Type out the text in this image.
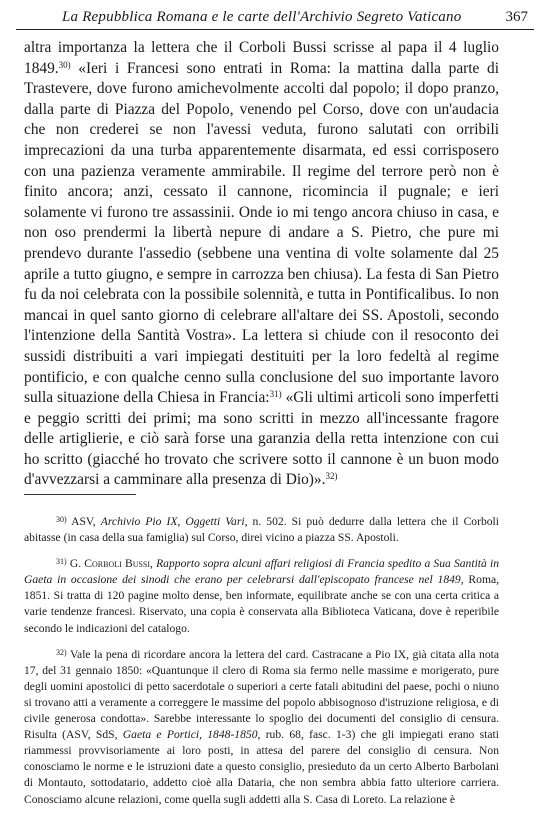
La Repubblica Romana e le carte dell'Archivio Segreto Vaticano	367

altra importanza la lettera che il Corboli Bussi scrisse al papa il 4 luglio 1849.$^{30)}$ «Ieri i Francesi sono entrati in Roma: la mattina dalla parte di Trastevere, dove furono amichevolmente accolti dal popolo; il dopo pranzo, dalla parte di Piazza del Popolo, venendo pel Corso, dove con un'audacia che non crederei se non l'avessi veduta, furono salutati con orribili imprecazioni da una turba apparentemente disarmata, ed essi corrisposero con una pazienza veramente ammirabile. Il regime del terrore però non è finito ancora; anzi, cessato il cannone, ricomincia il pugnale; e ieri solamente vi furono tre assassinii. Onde io mi tengo ancora chiuso in casa, e non oso prendermi la libertà nepure di andare a S. Pietro, che pure mi prendevo durante l'assedio (sebbene una ventina di volte solamente dal 25 aprile a tutto giugno, e sempre in carrozza ben chiusa). La festa di San Pietro fu da noi celebrata con la possibile solennità, e tutta in Pontificalibus. Io non mancai in quel santo giorno di celebrare all'altare dei SS. Apostoli, secondo l'intenzione della Santità Vostra». La lettera si chiude con il resoconto dei sussidi distribuiti a vari impiegati destituiti per la loro fedeltà al regime pontificio, e con qualche cenno sulla conclusione del suo importante lavoro sulla situazione della Chiesa in Francia:$^{31)}$ «Gli ultimi articoli sono imperfetti e peggio scritti dei primi; ma sono scritti in mezzo all'incessante fragore delle artiglierie, e ciò sarà forse una garanzia della retta intenzione con cui ho scritto (giacché ho trovato che scrivere sotto il cannone è un buon modo d'avvezzarsi a camminare alla presenza di Dio)».$^{32)}$

$^{30)}$ ASV, Archivio Pio IX, Oggetti Vari, n. 502. Si può dedurre dalla lettera che il Corboli abitasse (in casa della sua famiglia) sul Corso, direi vicino a piazza SS. Apostoli.

$^{31)}$ G. Corboli Bussi, Rapporto sopra alcuni affari religiosi di Francia spedito a Sua Santità in Gaeta in occasione dei sinodi che erano per celebrarsi dall'episcopato francese nel 1849, Roma, 1851. Si tratta di 120 pagine molto dense, ben informate, equilibrate anche se con una certa critica a varie tendenze francesi. Riservato, una copia è conservata alla Biblioteca Vaticana, dove è reperibile secondo le indicazioni del catalogo.

$^{32)}$ Vale la pena di ricordare ancora la lettera del card. Castracane a Pio IX, già citata alla nota 17, del 31 gennaio 1850: «Quantunque il clero di Roma sia fermo nelle massime e morigerato, pure degli uomini apostolici di petto sacerdotale o superiori a certe fatali abitudini del paese, pochi o niuno si trovano atti a veramente a correggere le massime del popolo abbisognoso d'istruzione religiosa, e di civile generosa condotta». Sarebbe interessante lo spoglio dei documenti del consiglio di censura. Risulta (ASV, SdS, Gaeta e Portici, 1848-1850, rub. 68, fasc. 1-3) che gli impiegati erano stati riammessi provvisoriamente ai loro posti, in attesa del parere del consiglio di censura. Non conosciamo le norme e le istruzioni date a questo consiglio, presieduto da un certo Alberto Barbolani di Montauto, sottodatario, addetto cioè alla Dataria, che non sembra abbia fatto ulteriore carriera. Conosciamo alcune relazioni, come quella sugli addetti alla S. Casa di Loreto. La relazione è
